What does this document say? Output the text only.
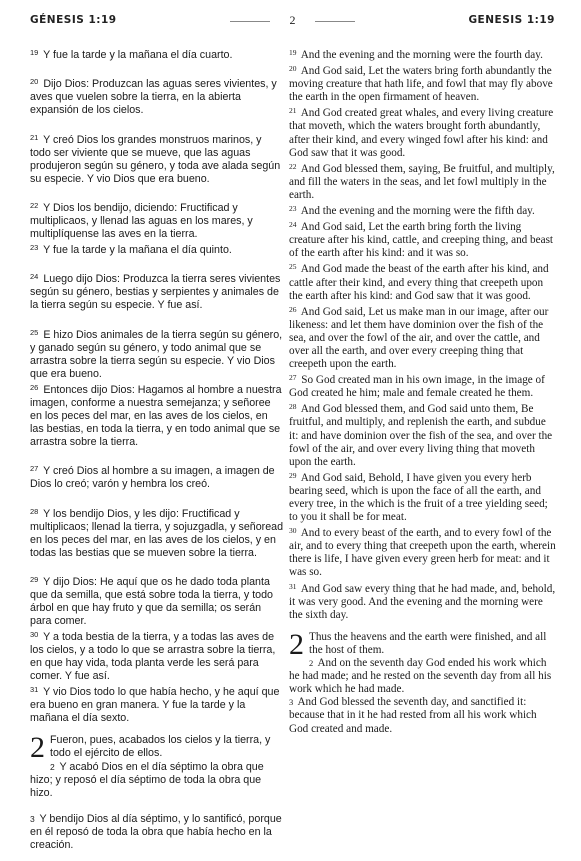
GÉNESIS 1:19	2	GENESIS 1:19

$^{19}$ Y fue la tarde y la mañana el día cuarto.

$^{20}$ Dijo Dios: Produzcan las aguas seres vivientes, y aves que vuelen sobre la tierra, en la abierta expansión de los cielos.

$^{21}$ Y creó Dios los grandes monstruos marinos, y todo ser viviente que se mueve, que las aguas produjeron según su género, y toda ave alada según su especie. Y vio Dios que era bueno.

$^{22}$ Y Dios los bendijo, diciendo: Fructificad y multiplicaos, y llenad las aguas en los mares, y multiplíquense las aves en la tierra.

$^{23}$ Y fue la tarde y la mañana el día quinto.

$^{24}$ Luego dijo Dios: Produzca la tierra seres vivientes según su género, bestias y serpientes y animales de la tierra según su especie. Y fue así.

$^{25}$ E hizo Dios animales de la tierra según su género, y ganado según su género, y todo animal que se arrastra sobre la tierra según su especie. Y vio Dios que era bueno.

$^{26}$ Entonces dijo Dios: Hagamos al hombre a nuestra imagen, conforme a nuestra semejanza; y señoree en los peces del mar, en las aves de los cielos, en las bestias, en toda la tierra, y en todo animal que se arrastra sobre la tierra.

$^{27}$ Y creó Dios al hombre a su imagen, a imagen de Dios lo creó; varón y hembra los creó.

$^{28}$ Y los bendijo Dios, y les dijo: Fructificad y multiplicaos; llenad la tierra, y sojuzgadla, y señoread en los peces del mar, en las aves de los cielos, y en todas las bestias que se mueven sobre la tierra.

$^{29}$ Y dijo Dios: He aquí que os he dado toda planta que da semilla, que está sobre toda la tierra, y todo árbol en que hay fruto y que da semilla; os serán para comer.

$^{30}$ Y a toda bestia de la tierra, y a todas las aves de los cielos, y a todo lo que se arrastra sobre la tierra, en que hay vida, toda planta verde les será para comer. Y fue así.

$^{31}$ Y vio Dios todo lo que había hecho, y he aquí que era bueno en gran manera. Y fue la tarde y la mañana el día sexto.

2 Fueron, pues, acabados los cielos y la tierra, y todo el ejército de ellos.

2 Y acabó Dios en el día séptimo la obra que hizo; y reposó el día séptimo de toda la obra que hizo.

3 Y bendijo Dios al día séptimo, y lo santificó, porque en él reposó de toda la obra que había hecho en la creación.

$^{19}$ And the evening and the morning were the fourth day.

$^{20}$ And God said, Let the waters bring forth abundantly the moving creature that hath life, and fowl that may fly above the earth in the open firmament of heaven.

$^{21}$ And God created great whales, and every living creature that moveth, which the waters brought forth abundantly, after their kind, and every winged fowl after his kind: and God saw that it was good.

$^{22}$ And God blessed them, saying, Be fruitful, and multiply, and fill the waters in the seas, and let fowl multiply in the earth.

$^{23}$ And the evening and the morning were the fifth day.

$^{24}$ And God said, Let the earth bring forth the living creature after his kind, cattle, and creeping thing, and beast of the earth after his kind: and it was so.

$^{25}$ And God made the beast of the earth after his kind, and cattle after their kind, and every thing that creepeth upon the earth after his kind: and God saw that it was good.

$^{26}$ And God said, Let us make man in our image, after our likeness: and let them have dominion over the fish of the sea, and over the fowl of the air, and over the cattle, and over all the earth, and over every creeping thing that creepeth upon the earth.

$^{27}$ So God created man in his own image, in the image of God created he him; male and female created he them.

$^{28}$ And God blessed them, and God said unto them, Be fruitful, and multiply, and replenish the earth, and subdue it: and have dominion over the fish of the sea, and over the fowl of the air, and over every living thing that moveth upon the earth.

$^{29}$ And God said, Behold, I have given you every herb bearing seed, which is upon the face of all the earth, and every tree, in the which is the fruit of a tree yielding seed; to you it shall be for meat.

$^{30}$ And to every beast of the earth, and to every fowl of the air, and to every thing that creepeth upon the earth, wherein there is life, I have given every green herb for meat: and it was so.

$^{31}$ And God saw every thing that he had made, and, behold, it was very good. And the evening and the morning were the sixth day.

2 Thus the heavens and the earth were finished, and all the host of them.

2 And on the seventh day God ended his work which he had made; and he rested on the seventh day from all his work which he had made.

3 And God blessed the seventh day, and sanctified it: because that in it he had rested from all his work which God created and made.
